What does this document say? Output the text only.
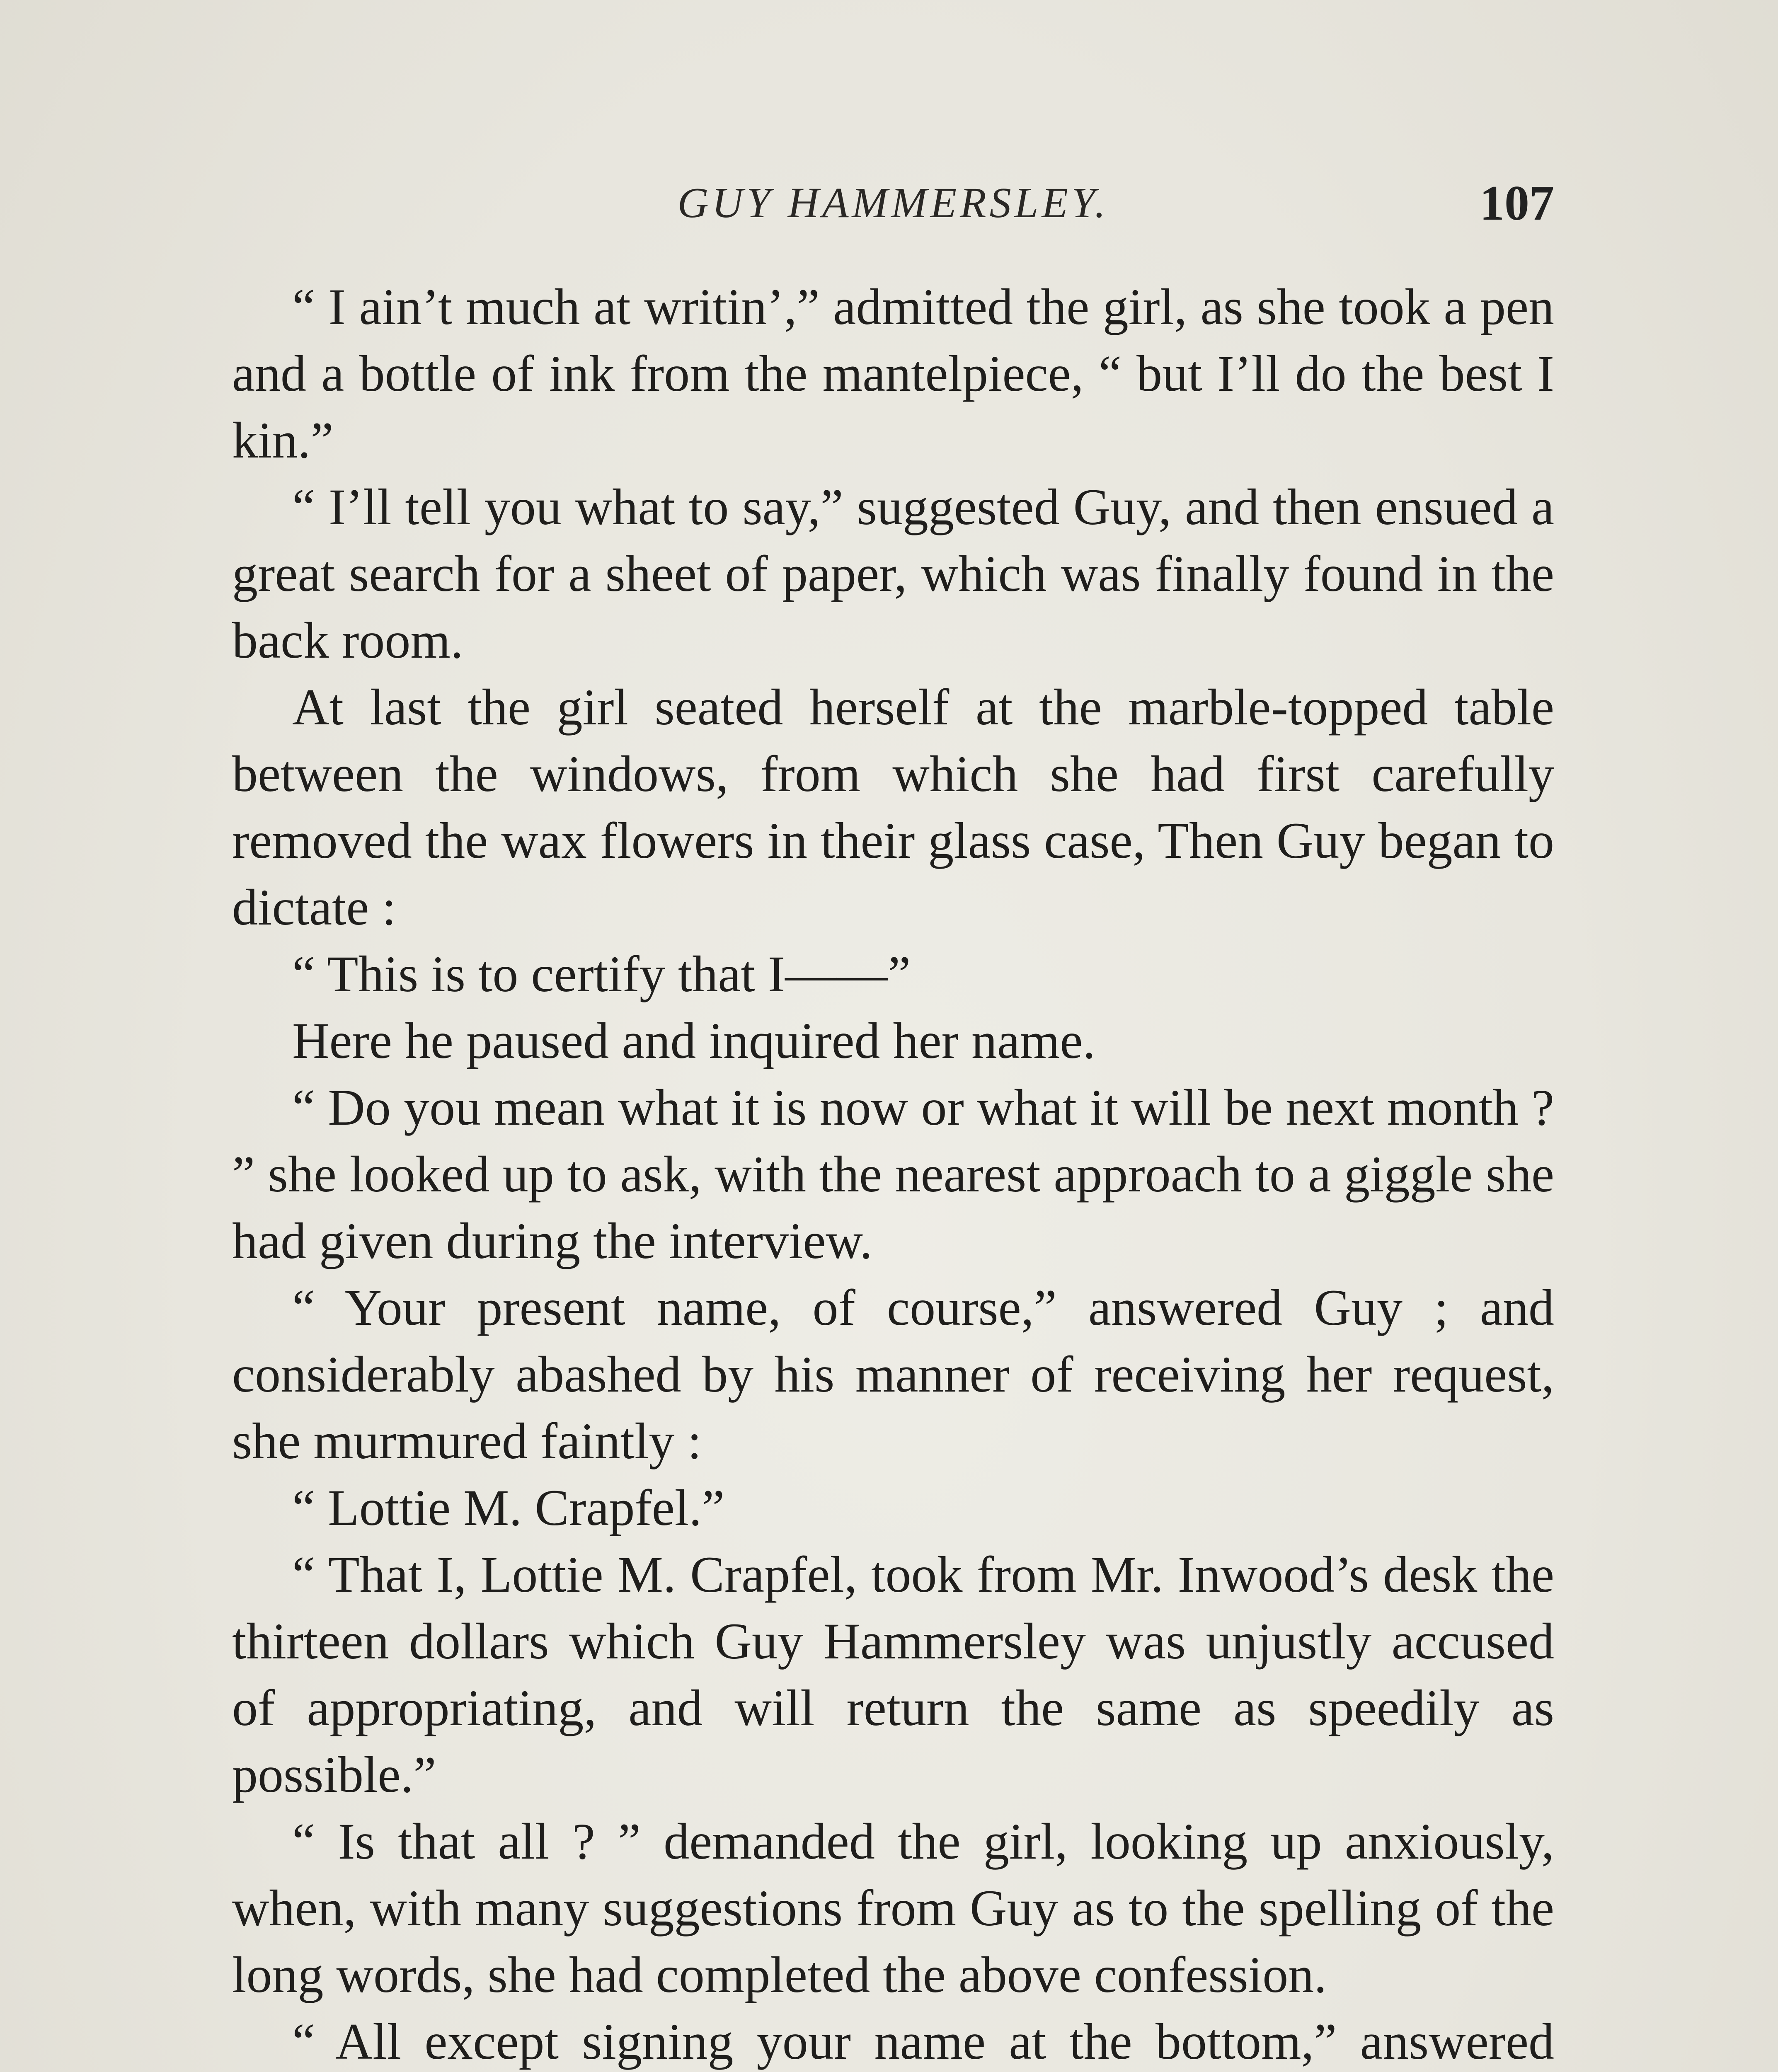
GUY HAMMERSLEY.	107

“ I ain’t much at writin’,” admitted the girl, as she took a pen and a bottle of ink from the mantelpiece, “ but I’ll do the best I kin.”

“ I’ll tell you what to say,” suggested Guy, and then ensued a great search for a sheet of paper, which was finally found in the back room.

At last the girl seated herself at the marble-topped table between the windows, from which she had first carefully removed the wax flowers in their glass case, Then Guy began to dictate :

“ This is to certify that I——”

Here he paused and inquired her name.

“ Do you mean what it is now or what it will be next month ? ” she looked up to ask, with the nearest approach to a giggle she had given during the interview.

“ Your present name, of course,” answered Guy ; and considerably abashed by his manner of receiving her request, she murmured faintly :

“ Lottie M. Crapfel.”

“ That I, Lottie M. Crapfel, took from Mr. Inwood’s desk the thirteen dollars which Guy Hammersley was unjustly accused of appropriating, and will return the same as speedily as possible.”

“ Is that all ? ” demanded the girl, looking up anxiously, when, with many suggestions from Guy as to the spelling of the long words, she had completed the above confession.

“ All except signing your name at the bottom,” answered
